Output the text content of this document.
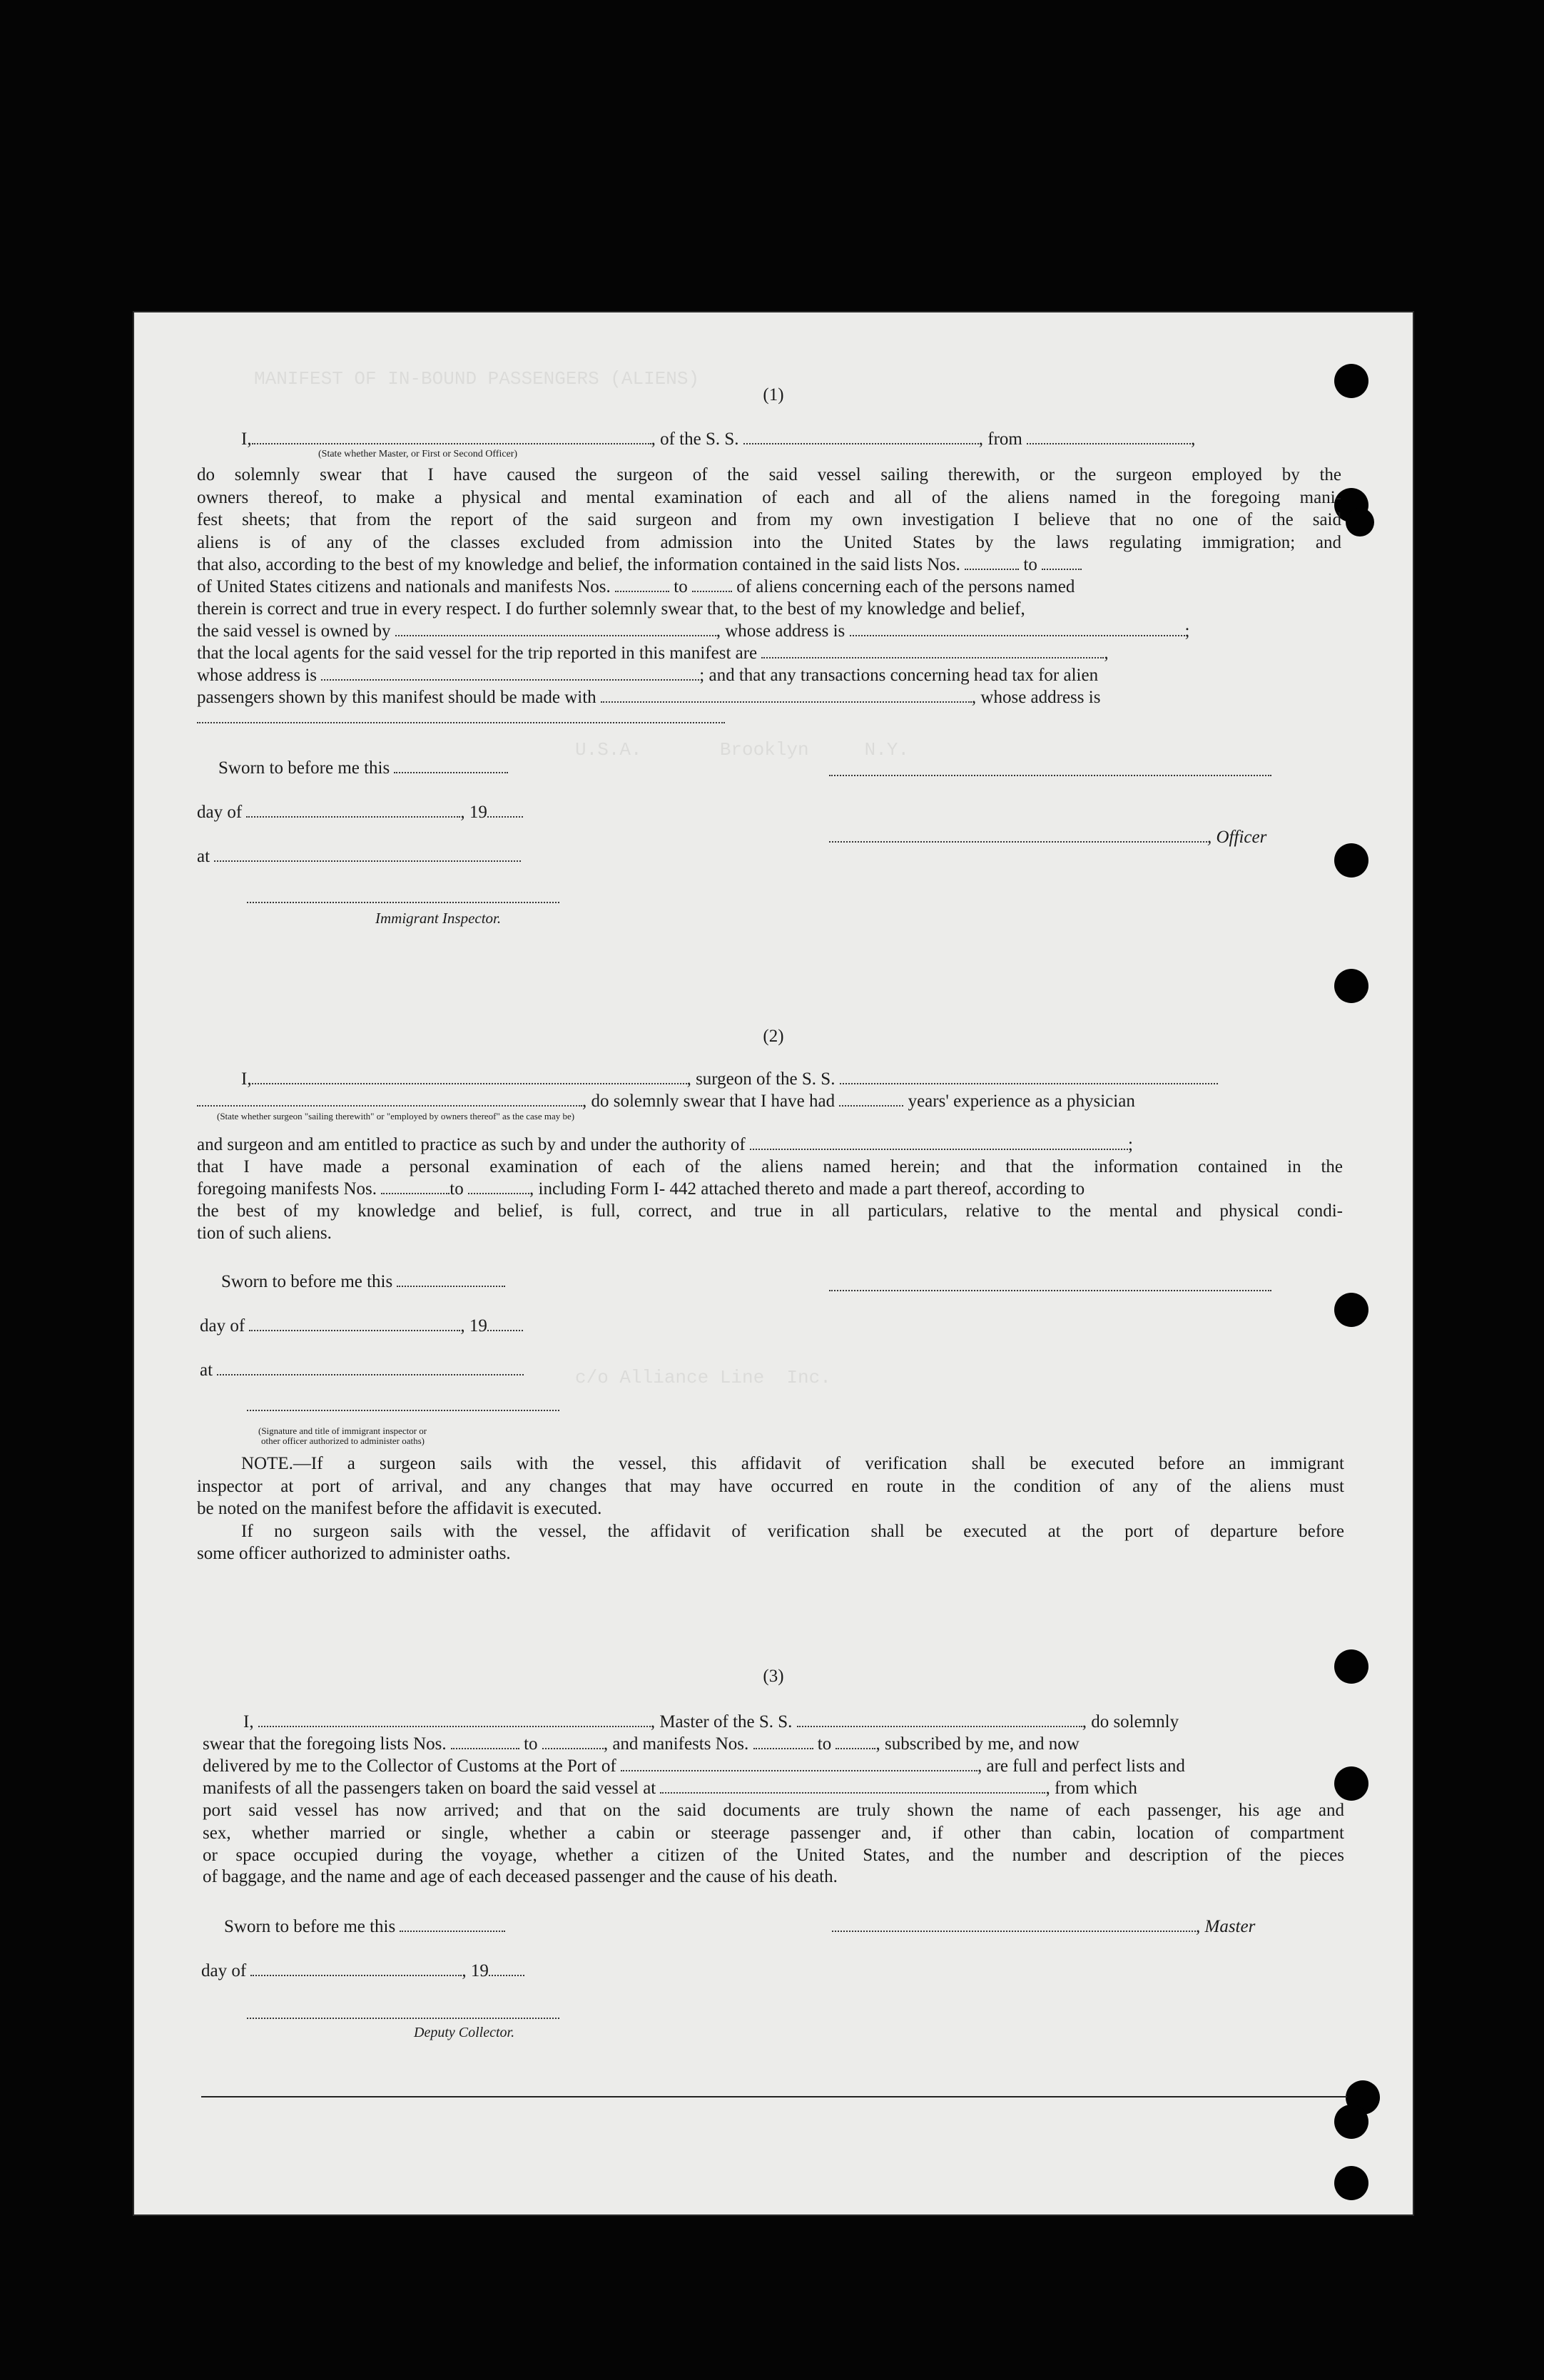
MANIFEST OF IN-BOUND PASSENGERS (ALIENS)
U.S.A.       Brooklyn     N.Y.
c/o Alliance Line  Inc.
(1)
I,	, of the S. S.	, from	,
(State whether Master, or First or Second Officer)
do solemnly swear that I have caused the surgeon of the said vessel sailing therewith, or the surgeon employed by the
owners thereof, to make a physical and mental examination of each and all of the aliens named in the foregoing mani-
fest sheets; that from the report of the said surgeon and from my own investigation I believe that no one of the said
aliens is of any of the classes excluded from admission into the United States by the laws regulating immigration; and
that also, according to the best of my knowledge and belief, the information contained in the said lists Nos.	to
of United States citizens and nationals and manifests Nos.	to	of aliens concerning each of the persons named
therein is correct and true in every respect. I do further solemnly swear that, to the best of my knowledge and belief,
the said vessel is owned by	, whose address is	;
that the local agents for the said vessel for the trip reported in this manifest are	,
whose address is	; and that any transactions concerning head tax for alien
passengers shown by this manifest should be made with	, whose address is
Sworn to before me this
day of	, 19
at
Immigrant Inspector.
, Officer
(2)
I,	, surgeon of the S. S.
, do solemnly swear that I have had	years' experience as a physician
(State whether surgeon "sailing therewith" or "employed by owners thereof" as the case may be)
and surgeon and am entitled to practice as such by and under the authority of	;
that I have made a personal examination of each of the aliens named herein; and that the information contained in the
foregoing manifests Nos.	to	, including Form I- 442 attached thereto and made a part thereof, according to
the best of my knowledge and belief, is full, correct, and true in all particulars, relative to the mental and physical condi-
tion of such aliens.
Sworn to before me this
day of	, 19
at
(Signature and title of immigrant inspector or
other officer authorized to administer oaths)
NOTE.—If a surgeon sails with the vessel, this affidavit of verification shall be executed before an immigrant
inspector at port of arrival, and any changes that may have occurred en route in the condition of any of the aliens must
be noted on the manifest before the affidavit is executed.
If no surgeon sails with the vessel, the affidavit of verification shall be executed at the port of departure before
some officer authorized to administer oaths.
(3)
I,	, Master of the S. S.	, do solemnly
swear that the foregoing lists Nos.	to	, and manifests Nos.	to , subscribed by me, and now
delivered by me to the Collector of Customs at the Port of	, are full and perfect lists and
manifests of all the passengers taken on board the said vessel at	, from which
port said vessel has now arrived; and that on the said documents are truly shown the name of each passenger, his age and
sex, whether married or single, whether a cabin or steerage passenger and, if other than cabin, location of compartment
or space occupied during the voyage, whether a citizen of the United States, and the number and description of the pieces
of baggage, and the name and age of each deceased passenger and the cause of his death.
Sworn to before me this	, Master
day of	, 19
Deputy Collector.
